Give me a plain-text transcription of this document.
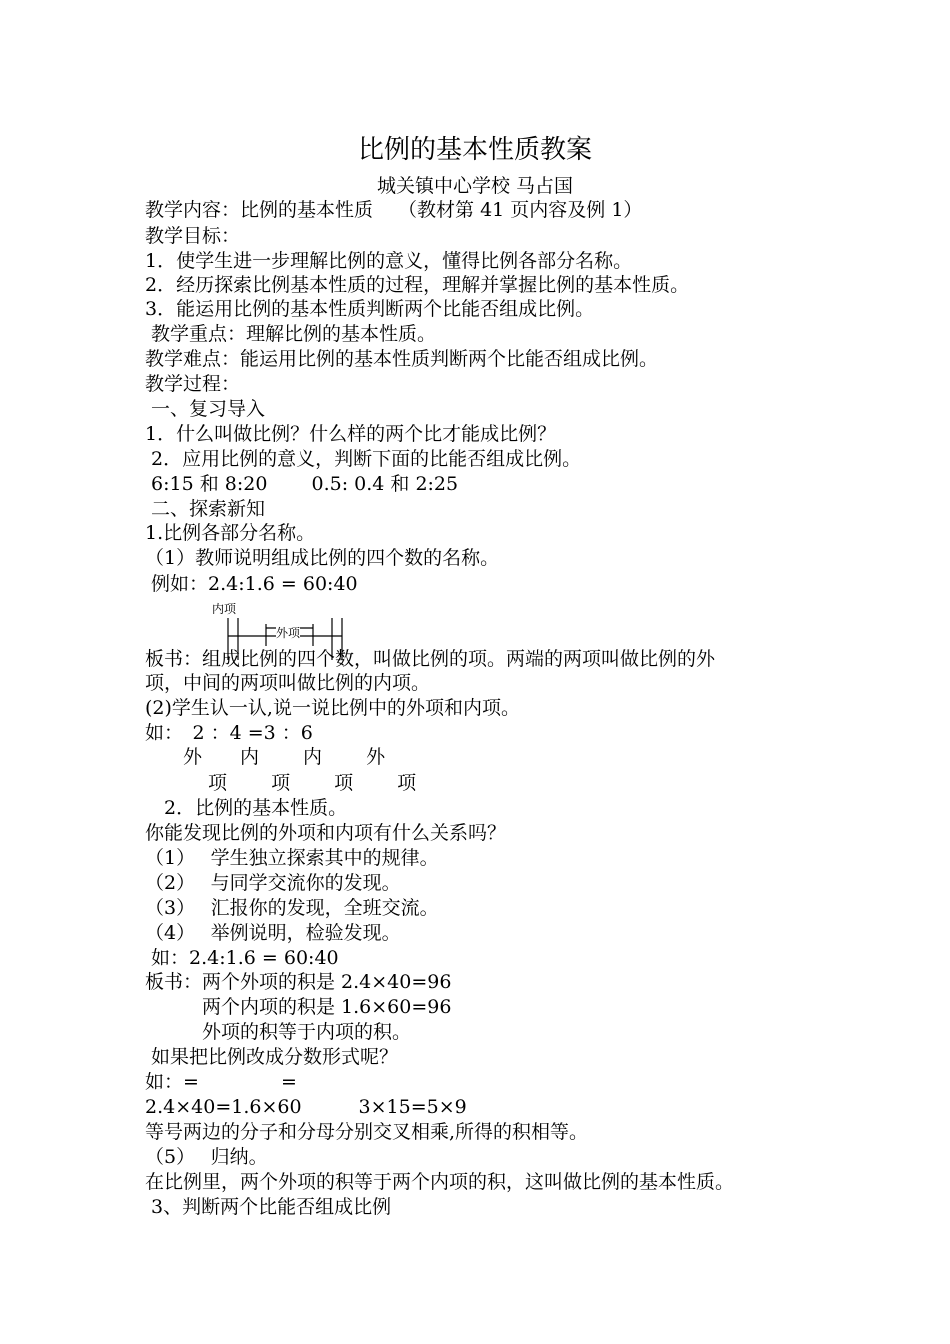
比例的基本性质教案
城关镇中心学校 马占国
教学内容：比例的基本性质　 （教材第 41 页内容及例 1）
教学目标：
1．使学生进一步理解比例的意义，懂得比例各部分名称。
2．经历探索比例基本性质的过程，理解并掌握比例的基本性质。
3．能运用比例的基本性质判断两个比能否组成比例。
教学重点：理解比例的基本性质。
教学难点：能运用比例的基本性质判断两个比能否组成比例。
教学过程：
一、复习导入
1．什么叫做比例？什么样的两个比才能成比例？
2．应用比例的意义，判断下面的比能否组成比例。
6:15 和 8:20　　 0.5: 0.4 和 2:25
二、探索新知
1.比例各部分名称。
（1）教师说明组成比例的四个数的名称。
例如：2.4:1.6 = 60:40
内项
外项
板书：组成比例的四个数，叫做比例的项。两端的两项叫做比例的外
项，中间的两项叫做比例的内项。
(2)学生认一认,说一说比例中的外项和内项。
如：　2 ：4 =3 ：6
　　外　　内　　 内　　 外
　　　 项　　 项　　 项　　 项
　2．比例的基本性质。
你能发现比例的外项和内项有什么关系吗？
（1）　 学生独立探索其中的规律。
（2）　 与同学交流你的发现。
（3）　 汇报你的发现，全班交流。
（4）　 举例说明，检验发现。
如：2.4:1.6 = 60:40
板书：两个外项的积是 2.4×40=96
　　　两个内项的积是 1.6×60=96
　　　外项的积等于内项的积。
如果把比例改成分数形式呢？
如：=　　　　 =
2.4×40=1.6×60　　　3×15=5×9
等号两边的分子和分母分别交叉相乘,所得的积相等。
（5）　 归纳。
在比例里，两个外项的积等于两个内项的积，这叫做比例的基本性质。
3、判断两个比能否组成比例
